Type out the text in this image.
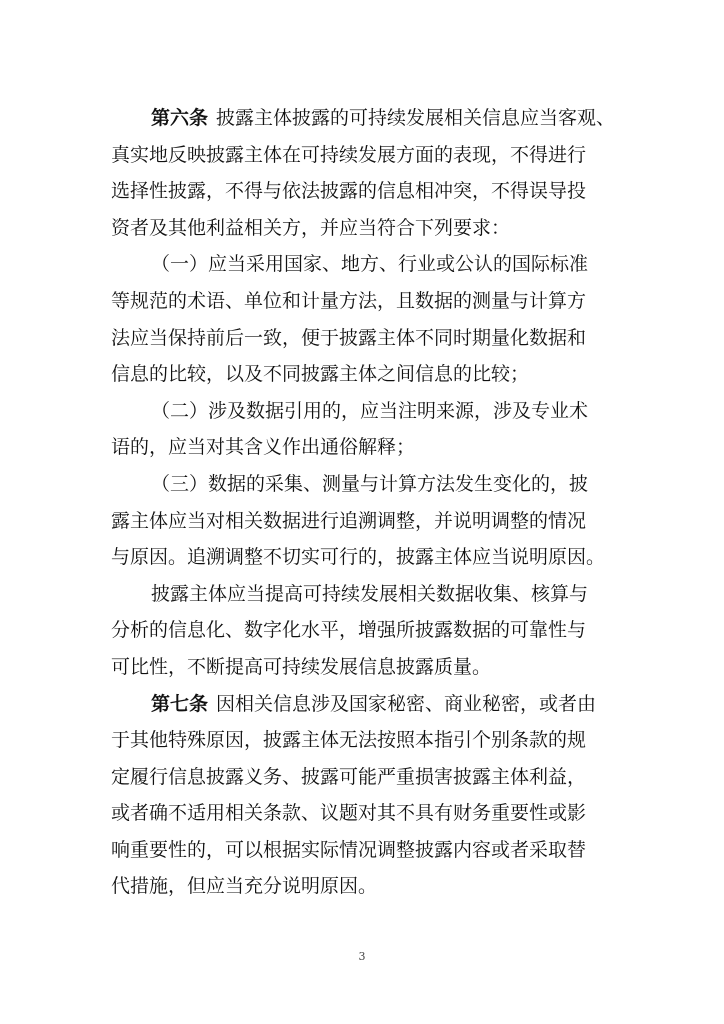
第六条 披露主体披露的可持续发展相关信息应当客观、
真实地反映披露主体在可持续发展方面的表现，不得进行
选择性披露，不得与依法披露的信息相冲突，不得误导投
资者及其他利益相关方，并应当符合下列要求：
（一）应当采用国家、地方、行业或公认的国际标准
等规范的术语、单位和计量方法，且数据的测量与计算方
法应当保持前后一致，便于披露主体不同时期量化数据和
信息的比较，以及不同披露主体之间信息的比较；
（二）涉及数据引用的，应当注明来源，涉及专业术
语的，应当对其含义作出通俗解释；
（三）数据的采集、测量与计算方法发生变化的，披
露主体应当对相关数据进行追溯调整，并说明调整的情况
与原因。追溯调整不切实可行的，披露主体应当说明原因。
披露主体应当提高可持续发展相关数据收集、核算与
分析的信息化、数字化水平，增强所披露数据的可靠性与
可比性，不断提高可持续发展信息披露质量。
第七条 因相关信息涉及国家秘密、商业秘密，或者由
于其他特殊原因，披露主体无法按照本指引个别条款的规
定履行信息披露义务、披露可能严重损害披露主体利益，
或者确不适用相关条款、议题对其不具有财务重要性或影
响重要性的，可以根据实际情况调整披露内容或者采取替
代措施，但应当充分说明原因。
3
